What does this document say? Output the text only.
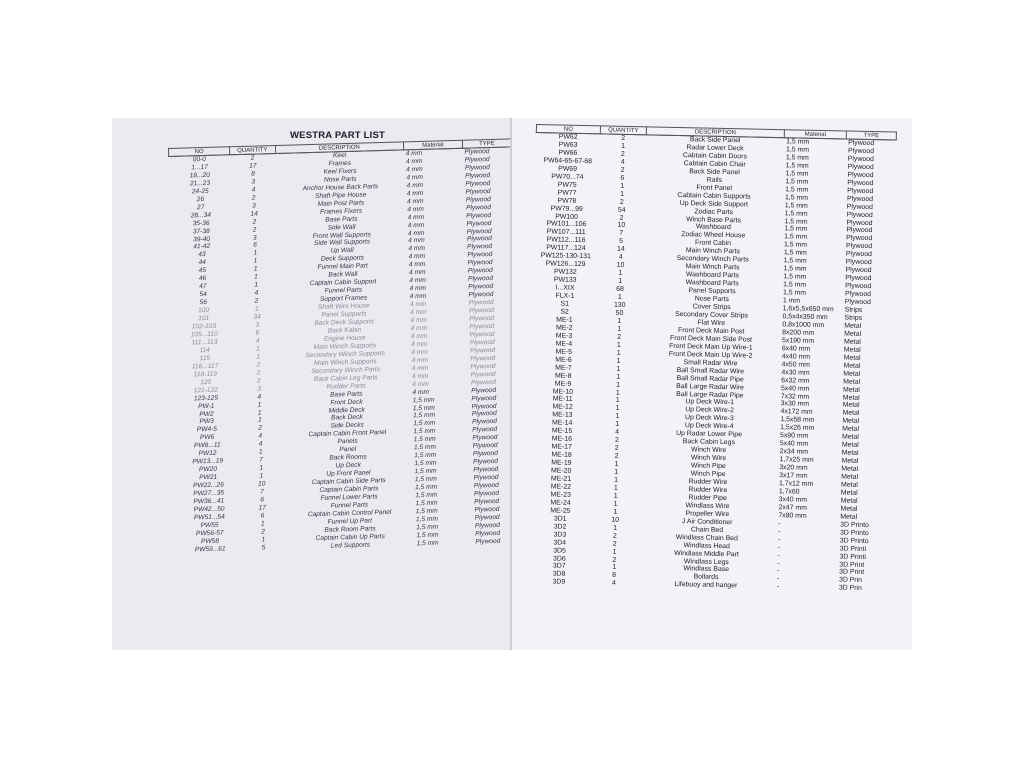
WESTRA PART LIST
NO	QUANTITY	DESCRIPTION	Material	TYPE
00-0	2	Keel	4 mm	Plywood
1...17	17	Frames	4 mm	Plywood
18...20	8	Keel Fixers	4 mm	Plywood
21...23	3	Nose Parts	4 mm	Plywood
24-25	4	Anchor House Back Parts	4 mm	Plywood
26	2	Shaft Pipe House	4 mm	Plywood
27	3	Main Post Parts	4 mm	Plywood
28...34	14	Frames Fixers	4 mm	Plywood
35-36	2	Base Parts	4 mm	Plywood
37-38	2	Side Wall	4 mm	Plywood
39-40	3	Front Wall Supports	4 mm	Plywood
41-42	6	Side Wall Supports	4 mm	Plywood
43	1	Up Wall	4 mm	Plywood
44	1	Deck Supports	4 mm	Plywood
45	1	Funnel Main Part	4 mm	Plywood
46	1	Back Wall	4 mm	Plywood
47	1	Captain Cabin Support	4 mm	Plywood
54	4	Funnel Parts	4 mm	Plywood
56	2	Support Frames	4 mm	Plywood
100	1	Shaft Wire House	4 mm	Plywood
101	34	Panel Supports	4 mm	Plywood
102-103	3	Back Deck Supports	4 mm	Plywood
105...110	6	Back Kabin	4 mm	Plywood
111...113	4	Engine House	4 mm	Plywood
114	1	Main Winch Supports	4 mm	Plywood
115	1	Secondary Winch Supports	4 mm	Plywood
116...117	2	Main Winch Supports	4 mm	Plywood
118-119	2	Secondary Winch Parts	4 mm	Plywood
120	2	Back Cabin Leg Parts	4 mm	Plywood
121-122	3	Rudder Parts	4 mm	Plywood
123-125	4	Base Parts	4 mm	Plywood
PW-1	1	Front Deck	1,5 mm	Plywood
PW2	1	Middle Deck	1,5 mm	Plywood
PW3	1	Back Deck	1,5 mm	Plywood
PW4-5	2	Side Decks	1,5 mm	Plywood
PW6	4	Captain Cabin Front Panel	1,5 mm	Plywood
PW8...11	4	Panels	1,5 mm	Plywood
PW12	1	Panel	1,5 mm	Plywood
PW13...19	7	Back Rooms	1,5 mm	Plywood
PW20	1	Up Deck	1,5 mm	Plywood
PW21	1	Up Front Panel	1,5 mm	Plywood
PW22...26	10	Captain Cabin Side Parts	1,5 mm	Plywood
PW27...35	7	Captain Cabin Parts	1,5 mm	Plywood
PW36...41	6	Funnel Lower Parts	1,5 mm	Plywood
PW42...50	17	Funnel Parts	1,5 mm	Plywood
PW51...54	6	Captain Cabin Control Panel	1,5 mm	Plywood
PW55	1	Funnel Up Part	1,5 mm	Plywood
PW56-57	2	Back Room Parts	1,5 mm	Plywood
PW58	1	Captain Cabin Up Parts	1,5 mm	Plywood
PW59...61	5	Led Supports	1,5 mm	Plywood
NO	QUANTITY	DESCRIPTION	Material	TYPE
PW62	2	Back Side Panel	1,5 mm	Plywood
PW63	1	Radar Lower Deck	1,5 mm	Plywood
PW66	2	Cabtain Cabin Doors	1,5 mm	Plywood
PW64-65-67-68	4	Cabtain Cabin Chair	1,5 mm	Plywood
PW69	2	Back Side Panel	1,5 mm	Plywood
PW70...74	6	Rails	1,5 mm	Plywood
PW75	1	Front Panel	1,5 mm	Plywood
PW77	1	Cabtain Cabin Supports	1,5 mm	Plywood
PW78	2	Up Deck Side Support	1,5 mm	Plywood
PW79...99	54	Zodiac Parts	1,5 mm	Plywood
PW100	2	Winch Base Parts	1,5 mm	Plywood
PW101...106	10	Washboard	1,5 mm	Plywood
PW107...111	7	Zodiac Wheel House	1,5 mm	Plywood
PW112...116	5	Front Cabin	1,5 mm	Plywood
PW117...124	14	Main Winch Parts	1,5 mm	Plywood
PW125-130-131	4	Secondary Winch Parts	1,5 mm	Plywood
PW126...129	10	Main Winch Parts	1,5 mm	Plywood
PW132	1	Washboard Parts	1,5 mm	Plywood
PW133	1	Washboard Parts	1,5 mm	Plywood
I...XIX	68	Panel Supports	1,5 mm	Plywood
FLX-1	1	Nose Parts	1 mm	Plywood
S1	130	Cover Strips	1,6x5,5x650 mm	Strips
S2	50	Secondary Cover Strips	0,5x4x350 mm	Strips
ME-1	1	Flat Wire	0,8x1000 mm	Metal
ME-2	1	Front Deck Main Post	8x200 mm	Metal
ME-3	2	Front Deck Main Side Post	5x190 mm	Metal
ME-4	1	Front Deck Main Up Wire-1	6x40 mm	Metal
ME-5	1	Front Deck Main Up Wire-2	4x40 mm	Metal
ME-6	1	Small Radar Wire	4x50 mm	Metal
ME-7	1	Ball Small Radar Wire	4x30 mm	Metal
ME-8	1	Ball Small Radar Pipe	6x32 mm	Metal
ME-9	1	Ball Large Radar Wire	5x40 mm	Metal
ME-10	1	Ball Large Radar Pipe	7x32 mm	Metal
ME-11	1	Up Deck Wire-1	3x30 mm	Metal
ME-12	1	Up Deck Wire-2	4x172 mm	Metal
ME-13	1	Up Deck Wire-3	1,5x58 mm	Metal
ME-14	1	Up Deck Wire-4	1,5x26 mm	Metal
ME-15	4	Up Radar Lower Pipe	5x90 mm	Metal
ME-16	2	Back Cabin Legs	5x40 mm	Metal
ME-17	2	Winch Wire	2x34 mm	Metal
ME-18	2	Winch Wire	1,7x25 mm	Metal
ME-19	1	Winch Pipe	3x20 mm	Metal
ME-20	1	Winch Pipe	3x17 mm	Metal
ME-21	1	Rudder Wire	1,7x12 mm	Metal
ME-22	1	Rudder Wire	1,7x60	Metal
ME-23	1	Rudder Pipe	3x40 mm	Metal
ME-24	1	Windlass Wire	2x47 mm	Metal
ME-25	1	Propeller Wire	7x80 mm	Metal
3D1	10	J Air Conditioner	-	3D Printo
3D2	1	Chain Bed	-	3D Printo
3D3	2	Windlass Chain Bed	-	3D Printo
3D4	2	Windlass Head	-	3D Printi
3D5	1	Windlass Middle Part	-	3D Printi
3D6	2	Windlass Legs	-	3D Print
3D7	1	Windlass Base	-	3D Print
3D8	8	Bollards	-	3D Prin
3D9	4	Lifebuoy and hanger	-	3D Prin
